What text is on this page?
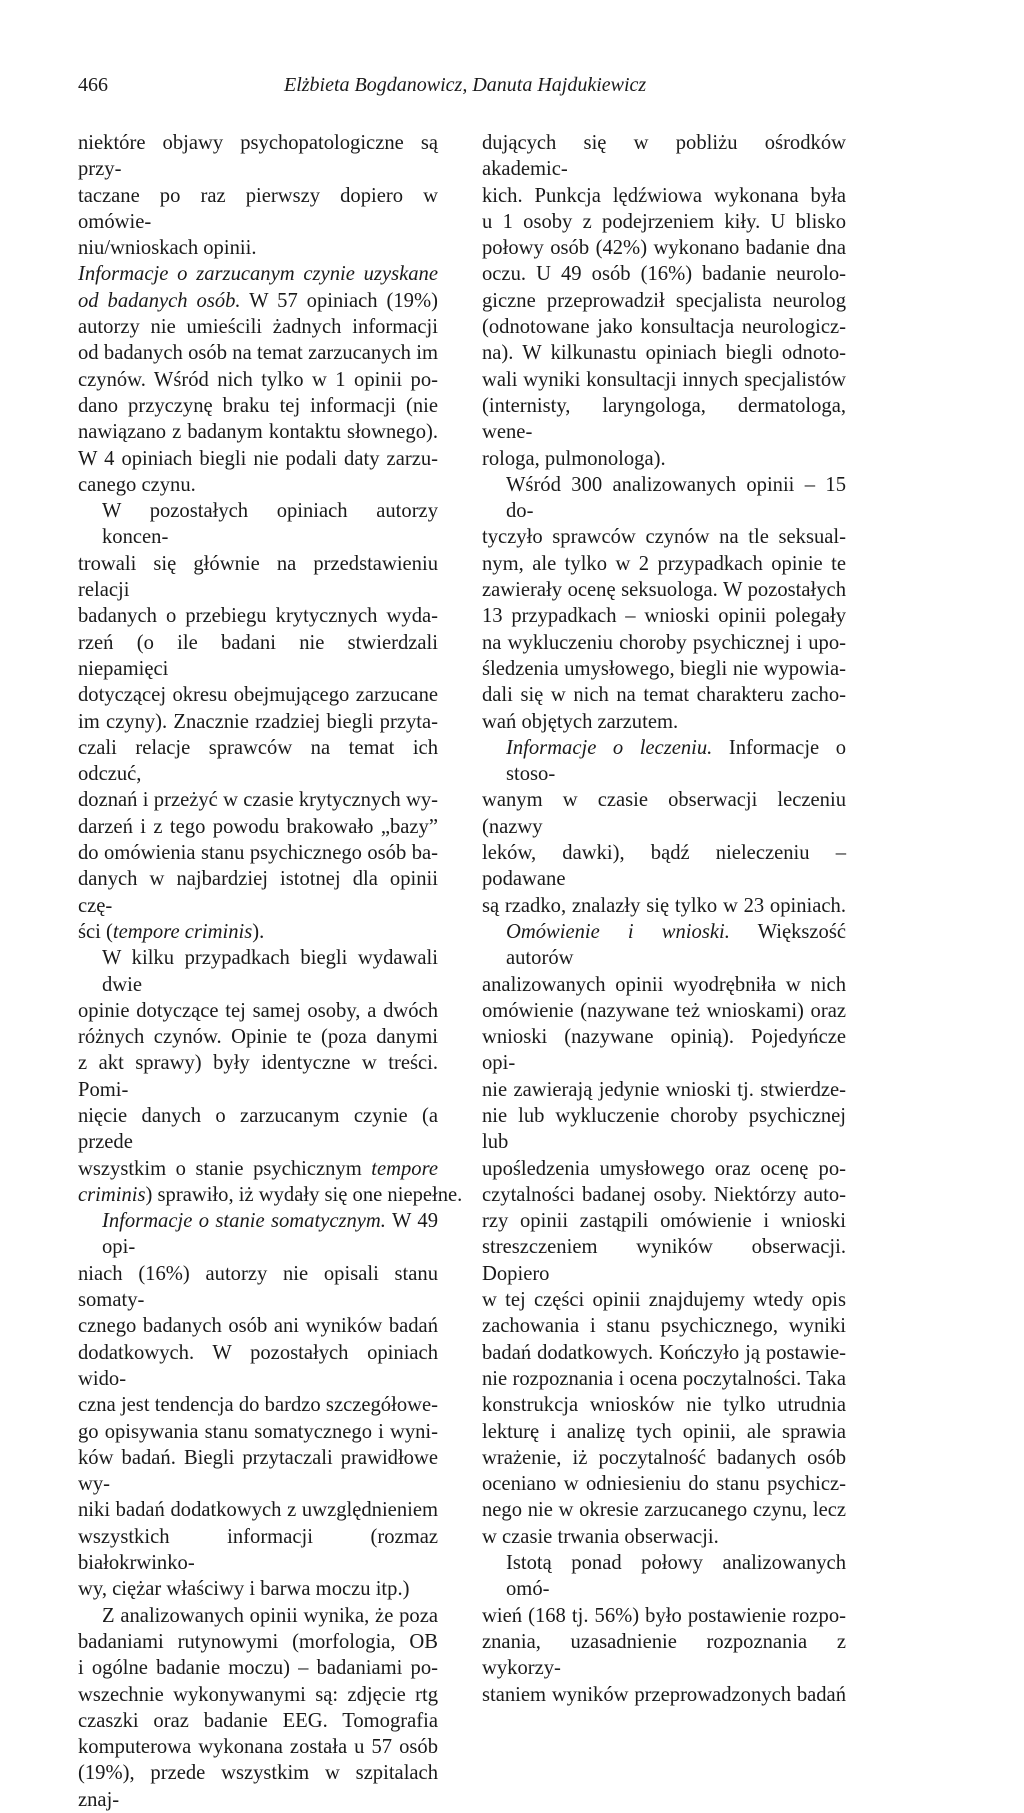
466	Elżbieta Bogdanowicz, Danuta Hajdukiewicz
niektóre objawy psychopatologiczne są przy-
taczane po raz pierwszy dopiero w omówie-
niu/wnioskach opinii.
Informacje o zarzucanym czynie uzyskane
od badanych osób. W 57 opiniach (19%)
autorzy nie umieścili żadnych informacji
od badanych osób na temat zarzucanych im
czynów. Wśród nich tylko w 1 opinii po-
dano przyczynę braku tej informacji (nie
nawiązano z badanym kontaktu słownego).
W 4 opiniach biegli nie podali daty zarzu-
canego czynu.
W pozostałych opiniach autorzy koncen-
trowali się głównie na przedstawieniu relacji
badanych o przebiegu krytycznych wyda-
rzeń (o ile badani nie stwierdzali niepamięci
dotyczącej okresu obejmującego zarzucane
im czyny). Znacznie rzadziej biegli przyta-
czali relacje sprawców na temat ich odczuć,
doznań i przeżyć w czasie krytycznych wy-
darzeń i z tego powodu brakowało „bazy”
do omówienia stanu psychicznego osób ba-
danych w najbardziej istotnej dla opinii czę-
ści (tempore criminis).
W kilku przypadkach biegli wydawali dwie
opinie dotyczące tej samej osoby, a dwóch
różnych czynów. Opinie te (poza danymi
z akt sprawy) były identyczne w treści. Pomi-
nięcie danych o zarzucanym czynie (a przede
wszystkim o stanie psychicznym tempore
criminis) sprawiło, iż wydały się one niepełne.
Informacje o stanie somatycznym. W 49 opi-
niach (16%) autorzy nie opisali stanu somaty-
cznego badanych osób ani wyników badań
dodatkowych. W pozostałych opiniach wido-
czna jest tendencja do bardzo szczegółowe-
go opisywania stanu somatycznego i wyni-
ków badań. Biegli przytaczali prawidłowe wy-
niki badań dodatkowych z uwzględnieniem
wszystkich informacji (rozmaz białokrwinko-
wy, ciężar właściwy i barwa moczu itp.)
Z analizowanych opinii wynika, że poza
badaniami rutynowymi (morfologia, OB
i ogólne badanie moczu) – badaniami po-
wszechnie wykonywanymi są: zdjęcie rtg
czaszki oraz badanie EEG. Tomografia
komputerowa wykonana została u 57 osób
(19%), przede wszystkim w szpitalach znaj-
dujących się w pobliżu ośrodków akademic-
kich. Punkcja lędźwiowa wykonana była
u 1 osoby z podejrzeniem kiły. U blisko
połowy osób (42%) wykonano badanie dna
oczu. U 49 osób (16%) badanie neurolo-
giczne przeprowadził specjalista neurolog
(odnotowane jako konsultacja neurologicz-
na). W kilkunastu opiniach biegli odnoto-
wali wyniki konsultacji innych specjalistów
(internisty, laryngologa, dermatologa, wene-
rologa, pulmonologa).
Wśród 300 analizowanych opinii – 15 do-
tyczyło sprawców czynów na tle seksual-
nym, ale tylko w 2 przypadkach opinie te
zawierały ocenę seksuologa. W pozostałych
13 przypadkach – wnioski opinii polegały
na wykluczeniu choroby psychicznej i upo-
śledzenia umysłowego, biegli nie wypowia-
dali się w nich na temat charakteru zacho-
wań objętych zarzutem.
Informacje o leczeniu. Informacje o stoso-
wanym w czasie obserwacji leczeniu (nazwy
leków, dawki), bądź nieleczeniu – podawane
są rzadko, znalazły się tylko w 23 opiniach.
Omówienie i wnioski. Większość autorów
analizowanych opinii wyodrębniła w nich
omówienie (nazywane też wnioskami) oraz
wnioski (nazywane opinią). Pojedyńcze opi-
nie zawierają jedynie wnioski tj. stwierdze-
nie lub wykluczenie choroby psychicznej lub
upośledzenia umysłowego oraz ocenę po-
czytalności badanej osoby. Niektórzy auto-
rzy opinii zastąpili omówienie i wnioski
streszczeniem wyników obserwacji. Dopiero
w tej części opinii znajdujemy wtedy opis
zachowania i stanu psychicznego, wyniki
badań dodatkowych. Kończyło ją postawie-
nie rozpoznania i ocena poczytalności. Taka
konstrukcja wniosków nie tylko utrudnia
lekturę i analizę tych opinii, ale sprawia
wrażenie, iż poczytalność badanych osób
oceniano w odniesieniu do stanu psychicz-
nego nie w okresie zarzucanego czynu, lecz
w czasie trwania obserwacji.
Istotą ponad połowy analizowanych omó-
wień (168 tj. 56%) było postawienie rozpo-
znania, uzasadnienie rozpoznania z wykorzy-
staniem wyników przeprowadzonych badań
